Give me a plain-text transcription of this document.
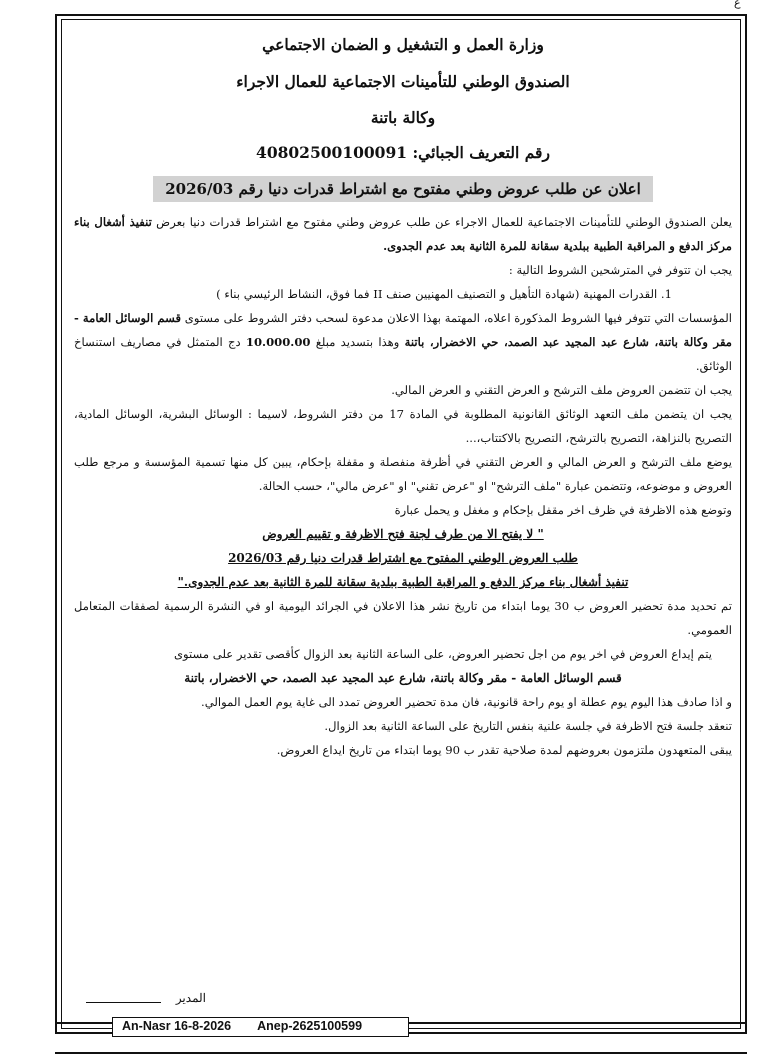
ع

وزارة العمل و التشغيل و الضمان الاجتماعي

الصندوق الوطني للتأمينات الاجتماعية للعمال الاجراء

وكالة باتنة

رقم التعريف الجبائي: 40802500100091

اعلان عن طلب عروض وطني مفتوح مع اشتراط قدرات دنيا رقم 2026/03

يعلن الصندوق الوطني للتأمينات الاجتماعية للعمال الاجراء عن طلب عروض وطني مفتوح مع اشتراط قدرات دنيا بعرض تنفيذ أشغال بناء مركز الدفع و المراقبة الطبية ببلدية سقانة للمرة الثانية بعد عدم الجدوى.

يجب ان تتوفر في المترشحين الشروط التالية :

1. القدرات المهنية (شهادة التأهيل و التصنيف المهنيين صنف II فما فوق، النشاط الرئيسي بناء )

المؤسسات التي تتوفر فيها الشروط المذكورة اعلاه، المهتمة بهذا الاعلان مدعوة لسحب دفتر الشروط على مستوى قسم الوسائل العامة - مقر وكالة باتنة، شارع عبد المجيد عبد الصمد، حي الاخضرار، باتنة وهذا بتسديد مبلغ 10.000.00 دج المتمثل في مصاريف استنساخ الوثائق.

يجب ان تتضمن العروض ملف الترشح و العرض التقني و العرض المالي.

يجب ان يتضمن ملف التعهد الوثائق القانونية المطلوبة في المادة 17 من دفتر الشروط، لاسيما : الوسائل البشرية، الوسائل المادية، التصريح بالنزاهة، التصريح بالترشح، التصريح بالاكتتاب،...

يوضع ملف الترشح و العرض المالي و العرض التقني في أظرفة منفصلة و مقفلة بإحكام، يبين كل منها تسمية المؤسسة و مرجع طلب العروض و موضوعه، وتتضمن عبارة "ملف الترشح" او "عرض تقني" او "عرض مالي"، حسب الحالة.

وتوضع هذه الاظرفة في ظرف اخر مقفل بإحكام و مغفل و يحمل عبارة

" لا يفتح الا من طرف لجنة فتح الاظرفة و تقييم العروض

طلب العروض الوطني المفتوح مع اشتراط قدرات دنيا رقم 2026/03

تنفيذ أشغال بناء مركز الدفع و المراقبة الطبية ببلدية سقانة للمرة الثانية بعد عدم الجدوى."

تم تحديد مدة تحضير العروض ب 30 يوما ابتداء من تاريخ نشر هذا الاعلان في الجرائد اليومية او في النشرة الرسمية لصفقات المتعامل العمومي.

يتم إيداع العروض في اخر يوم من اجل تحضير العروض، على الساعة الثانية بعد الزوال كأقصى تقدير على مستوى

قسم الوسائل العامة - مقر وكالة باتنة، شارع عبد المجيد عبد الصمد، حي الاخضرار، باتنة

و اذا صادف هذا اليوم يوم عطلة او يوم راحة قانونية، فان مدة تحضير العروض تمدد الى غاية يوم العمل الموالي.

تنعقد جلسة فتح الاظرفة في جلسة علنية بنفس التاريخ على الساعة الثانية بعد الزوال.

يبقى المتعهدون ملتزمون بعروضهم لمدة صلاحية تقدر ب 90 يوما ابتداء من تاريخ ايداع العروض.

المدير
An-Nasr 16-8-2026 Anep-2625100599
